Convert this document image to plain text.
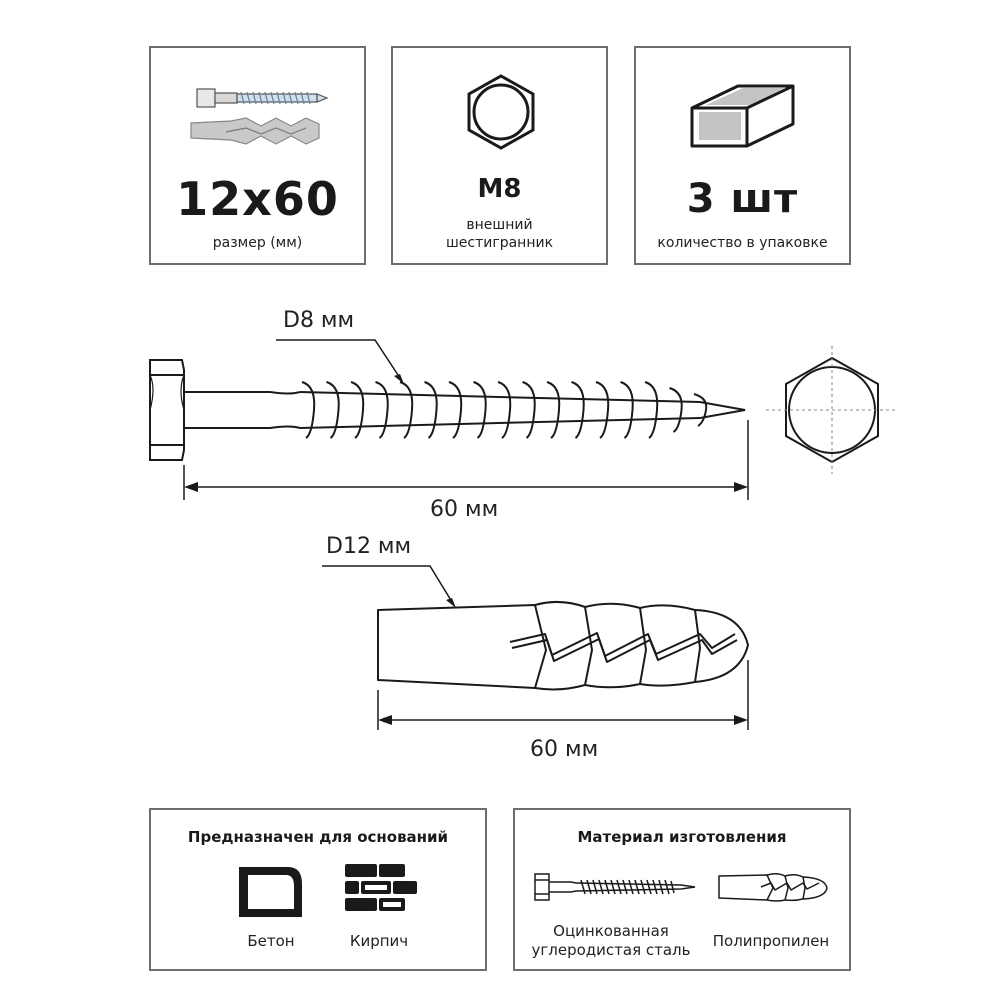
12x60
размер (мм)
M8
внешний
шестигранник
3 шт
количество в упаковке
D8 мм
60 мм
D12 мм
60 мм
Предназначен для оснований
Бетон	Кирпич
Материал изготовления
Оцинкованная
углеродистая сталь	Полипропилен
